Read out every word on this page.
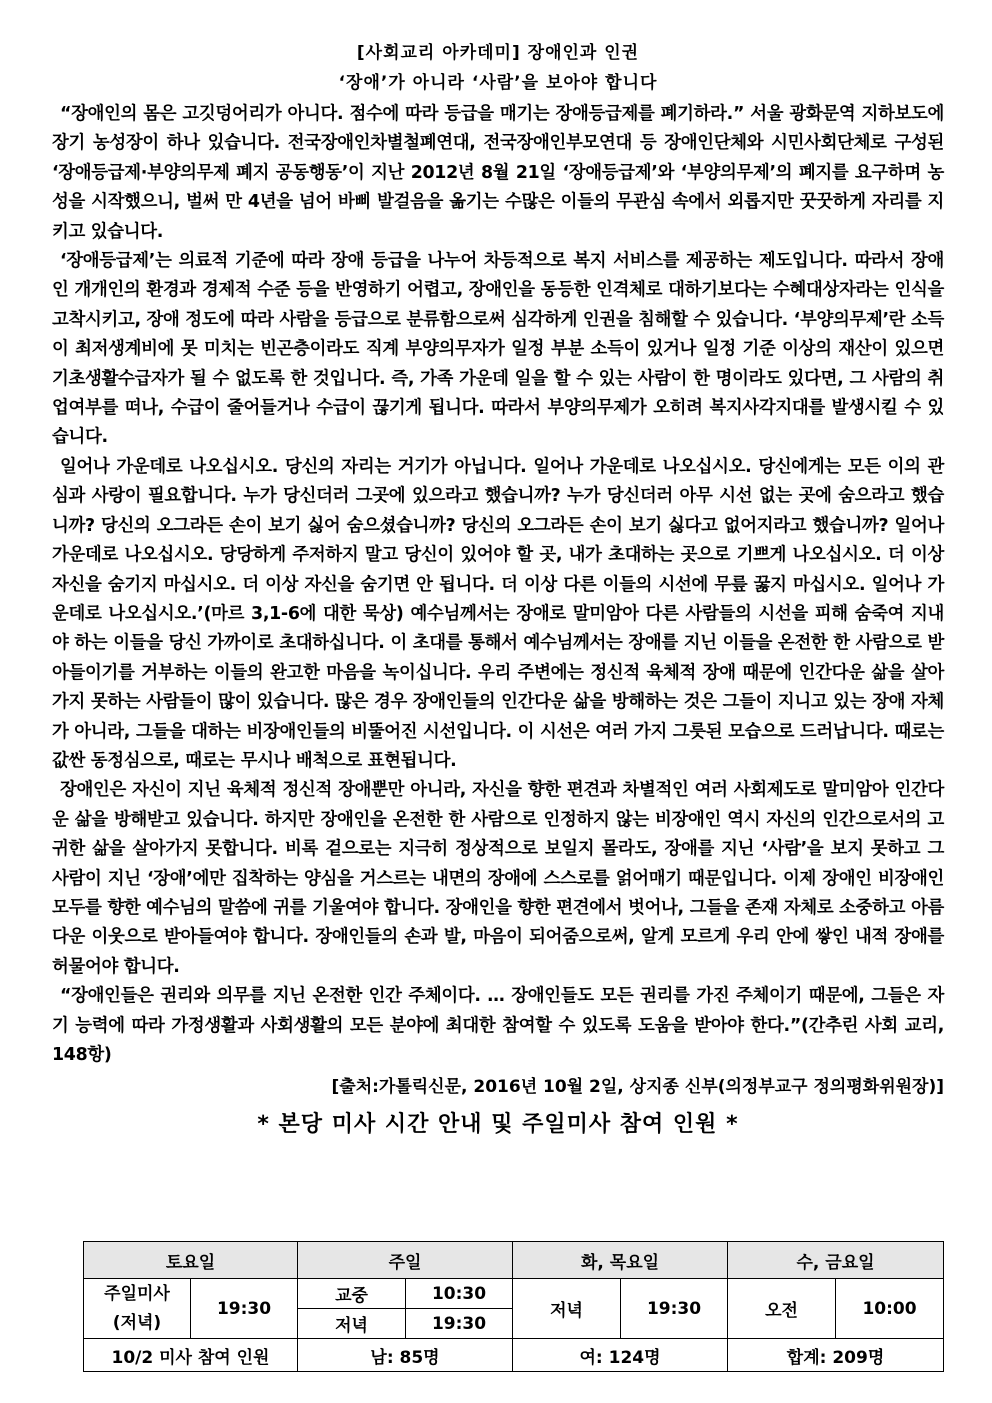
[사회교리 아카데미] 장애인과 인권
‘장애’가 아니라 ‘사람’을 보아야 합니다

“장애인의 몸은 고깃덩어리가 아니다. 점수에 따라 등급을 매기는 장애등급제를 폐기하라.” 서울 광화문역 지하보도에 장기 농성장이 하나 있습니다. 전국장애인차별철폐연대, 전국장애인부모연대 등 장애인단체와 시민사회단체로 구성된 ‘장애등급제·부양의무제 폐지 공동행동’이 지난 2012년 8월 21일 ‘장애등급제’와 ‘부양의무제’의 폐지를 요구하며 농성을 시작했으니, 벌써 만 4년을 넘어 바삐 발걸음을 옮기는 수많은 이들의 무관심 속에서 외롭지만 꿋꿋하게 자리를 지키고 있습니다.

‘장애등급제’는 의료적 기준에 따라 장애 등급을 나누어 차등적으로 복지 서비스를 제공하는 제도입니다. 따라서 장애인 개개인의 환경과 경제적 수준 등을 반영하기 어렵고, 장애인을 동등한 인격체로 대하기보다는 수혜대상자라는 인식을 고착시키고, 장애 정도에 따라 사람을 등급으로 분류함으로써 심각하게 인권을 침해할 수 있습니다. ‘부양의무제’란 소득이 최저생계비에 못 미치는 빈곤층이라도 직계 부양의무자가 일정 부분 소득이 있거나 일정 기준 이상의 재산이 있으면 기초생활수급자가 될 수 없도록 한 것입니다. 즉, 가족 가운데 일을 할 수 있는 사람이 한 명이라도 있다면, 그 사람의 취업여부를 떠나, 수급이 줄어들거나 수급이 끊기게 됩니다. 따라서 부양의무제가 오히려 복지사각지대를 발생시킬 수 있습니다.

일어나 가운데로 나오십시오. 당신의 자리는 거기가 아닙니다. 일어나 가운데로 나오십시오. 당신에게는 모든 이의 관심과 사랑이 필요합니다. 누가 당신더러 그곳에 있으라고 했습니까? 누가 당신더러 아무 시선 없는 곳에 숨으라고 했습니까? 당신의 오그라든 손이 보기 싫어 숨으셨습니까? 당신의 오그라든 손이 보기 싫다고 없어지라고 했습니까? 일어나 가운데로 나오십시오. 당당하게 주저하지 말고 당신이 있어야 할 곳, 내가 초대하는 곳으로 기쁘게 나오십시오. 더 이상 자신을 숨기지 마십시오. 더 이상 자신을 숨기면 안 됩니다. 더 이상 다른 이들의 시선에 무릎 꿇지 마십시오. 일어나 가운데로 나오십시오.’(마르 3,1-6에 대한 묵상) 예수님께서는 장애로 말미암아 다른 사람들의 시선을 피해 숨죽여 지내야 하는 이들을 당신 가까이로 초대하십니다. 이 초대를 통해서 예수님께서는 장애를 지닌 이들을 온전한 한 사람으로 받아들이기를 거부하는 이들의 완고한 마음을 녹이십니다. 우리 주변에는 정신적 육체적 장애 때문에 인간다운 삶을 살아가지 못하는 사람들이 많이 있습니다. 많은 경우 장애인들의 인간다운 삶을 방해하는 것은 그들이 지니고 있는 장애 자체가 아니라, 그들을 대하는 비장애인들의 비뚤어진 시선입니다. 이 시선은 여러 가지 그릇된 모습으로 드러납니다. 때로는 값싼 동정심으로, 때로는 무시나 배척으로 표현됩니다.

장애인은 자신이 지닌 육체적 정신적 장애뿐만 아니라, 자신을 향한 편견과 차별적인 여러 사회제도로 말미암아 인간다운 삶을 방해받고 있습니다. 하지만 장애인을 온전한 한 사람으로 인정하지 않는 비장애인 역시 자신의 인간으로서의 고귀한 삶을 살아가지 못합니다. 비록 겉으로는 지극히 정상적으로 보일지 몰라도, 장애를 지닌 ‘사람’을 보지 못하고 그 사람이 지닌 ‘장애’에만 집착하는 양심을 거스르는 내면의 장애에 스스로를 얽어매기 때문입니다. 이제 장애인 비장애인 모두를 향한 예수님의 말씀에 귀를 기울여야 합니다. 장애인을 향한 편견에서 벗어나, 그들을 존재 자체로 소중하고 아름다운 이웃으로 받아들여야 합니다. 장애인들의 손과 발, 마음이 되어줌으로써, 알게 모르게 우리 안에 쌓인 내적 장애를 허물어야 합니다.

“장애인들은 권리와 의무를 지닌 온전한 인간 주체이다. … 장애인들도 모든 권리를 가진 주체이기 때문에, 그들은 자기 능력에 따라 가정생활과 사회생활의 모든 분야에 최대한 참여할 수 있도록 도움을 받아야 한다.”(간추린 사회 교리, 148항)

[출처:가톨릭신문, 2016년 10월 2일, 상지종 신부(의정부교구 정의평화위원장)]
* 본당 미사 시간 안내 및 주일미사 참여 인원 *
토요일		주일		화, 목요일		수, 금요일	

주일미사
(저녁)	19:30	교중	10:30	저녁	19:30	오전	10:00
		저녁	19:30				
10/2 미사 참여 인원		남: 85명		여: 124명		합계: 209명	
